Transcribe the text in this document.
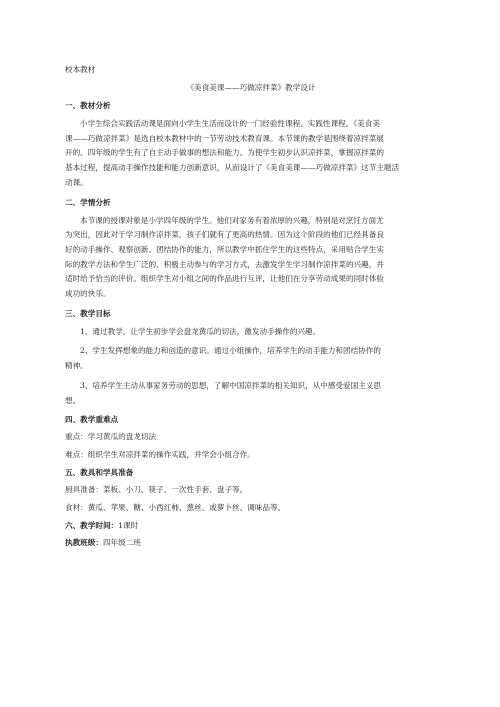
校本教材

《美食美课——巧做凉拌菜》教学设计

一、教材分析

小学生综合实践活动课是面向小学生生活而设计的一门经验性课程、实践性课程。《美食美
课——巧做凉拌菜》是选自校本教材中的一节劳动技术教育课。本节课的教学是围绕着凉拌菜展
开的。四年级的学生有了自主动手做事的想法和能力。为使学生初步认识凉拌菜，掌握凉拌菜的
基本过程，提高动手操作技能和能力创新意识，从而设计了《美食美课——巧做凉拌菜》这节主题活
动课。

二、学情分析

本节课的授课对象是小学四年级的学生。他们对家务有着浓厚的兴趣，特别是对烹饪方面尤
为突出，因此对于学习制作凉拌菜，孩子们就有了更高的热情。因为这个阶段的他们已经具备良
好的动手操作、观察创新、团结协作的能力，所以教学中抓住学生的这些特点，采用贴合学生实
际的教学方法和学生广泛的、积极主动参与的学习方式，去激发学生学习制作凉拌菜的兴趣，并
适时给予恰当的评价。组织学生对小组之间的作品进行互评，让他们在分享劳动成果的同时体验
成功的快乐。

三、教学目标

1、通过教学，让学生初步学会盘龙黄瓜的切法，激发动手操作的兴趣。
2、学生发挥想象的能力和创造的意识。通过小组操作，培养学生的动手能力和团结协作的
精神。
3、培养学生主动从事家务劳动的思想，了解中国凉拌菜的相关知识，从中感受爱国主义思
想。

四、教学重难点

重点：学习黄瓜的盘龙切法

难点：组织学生对凉拌菜的操作实践，并学会小组合作。

五、教具和学具准备

厨具准备：菜板、小刀、筷子、一次性手套、盘子等。

食材：黄瓜、苹果、糖、小西红柿、葱丝、或萝卜丝、调味品等。

六、教学时间：1课时

执教班级：四年级二班
